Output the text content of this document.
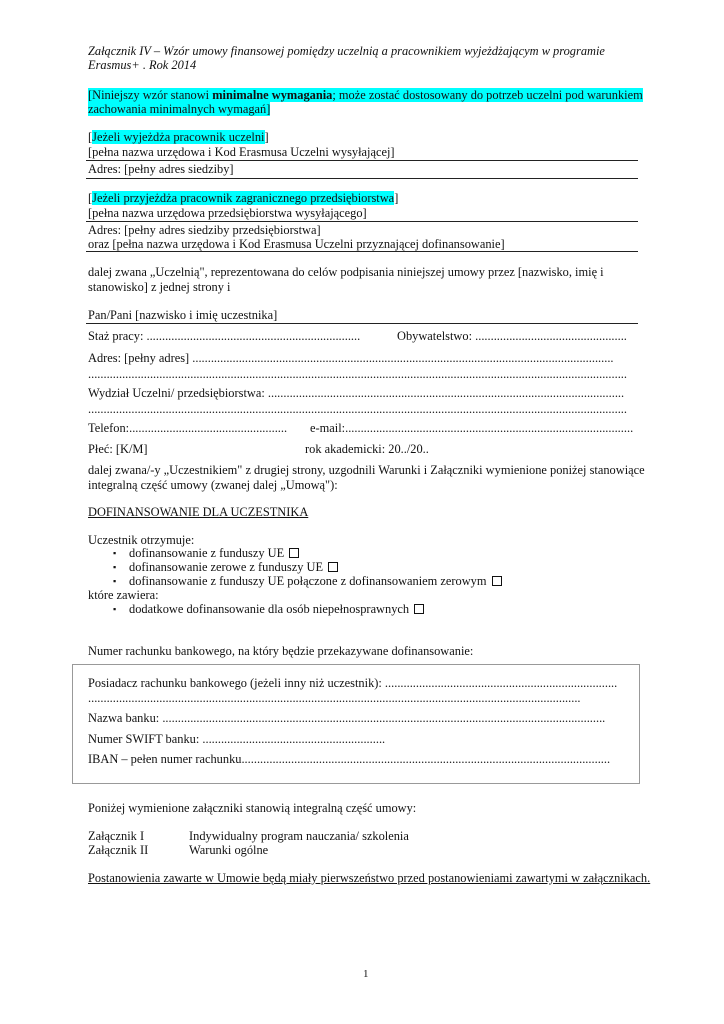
Załącznik IV – Wzór umowy finansowej pomiędzy uczelnią a pracownikiem wyjeżdżającym w programie
Erasmus+ . Rok 2014
[Niniejszy wzór stanowi minimalne wymagania; może zostać dostosowany do potrzeb uczelni pod warunkiem
zachowania minimalnych wymagań]
[Jeżeli wyjeżdża pracownik uczelni]
[pełna nazwa urzędowa i Kod Erasmusa Uczelni wysyłającej]
Adres: [pełny adres siedziby]
[Jeżeli przyjeżdża pracownik zagranicznego przedsiębiorstwa]
[pełna nazwa urzędowa przedsiębiorstwa wysyłającego]
Adres: [pełny adres siedziby przedsiębiorstwa]
oraz [pełna nazwa urzędowa i Kod Erasmusa Uczelni przyznającej dofinansowanie]
dalej zwana „Uczelnią", reprezentowana do celów podpisania niniejszej umowy przez [nazwisko, imię i
stanowisko] z jednej strony i
Pan/Pani [nazwisko i imię uczestnika]
Staż pracy: .....................................................................	Obywatelstwo: .................................................
Adres: [pełny adres] ........................................................................................................................................
..............................................................................................................................................................................
Wydział Uczelni/ przedsiębiorstwa: ...................................................................................................................
..............................................................................................................................................................................
Telefon:................................................... e-mail:.............................................................................................
Płeć: [K/M]	rok akademicki: 20../20..
dalej zwana/-y „Uczestnikiem" z drugiej strony, uzgodnili Warunki i Załączniki wymienione poniżej stanowiące
integralną część umowy (zwanej dalej „Umową"):
DOFINANSOWANIE DLA UCZESTNIKA
Uczestnik otrzymuje:
▪ dofinansowanie z funduszy UE
▪ dofinansowanie zerowe z funduszy UE
▪ dofinansowanie z funduszy UE połączone z dofinansowaniem zerowym
które zawiera:
▪ dodatkowe dofinansowanie dla osób niepełnosprawnych
Numer rachunku bankowego, na który będzie przekazywane dofinansowanie:
Posiadacz rachunku bankowego (jeżeli inny niż uczestnik): ...........................................................................
...............................................................................................................................................................
Nazwa banku: ...............................................................................................................................................
Numer SWIFT banku: ...........................................................
IBAN – pełen numer rachunku.......................................................................................................................
Poniżej wymienione załączniki stanowią integralną część umowy:
Załącznik I	Indywidualny program nauczania/ szkolenia
Załącznik II	Warunki ogólne
Postanowienia zawarte w Umowie będą miały pierwszeństwo przed postanowieniami zawartymi w załącznikach.
1
